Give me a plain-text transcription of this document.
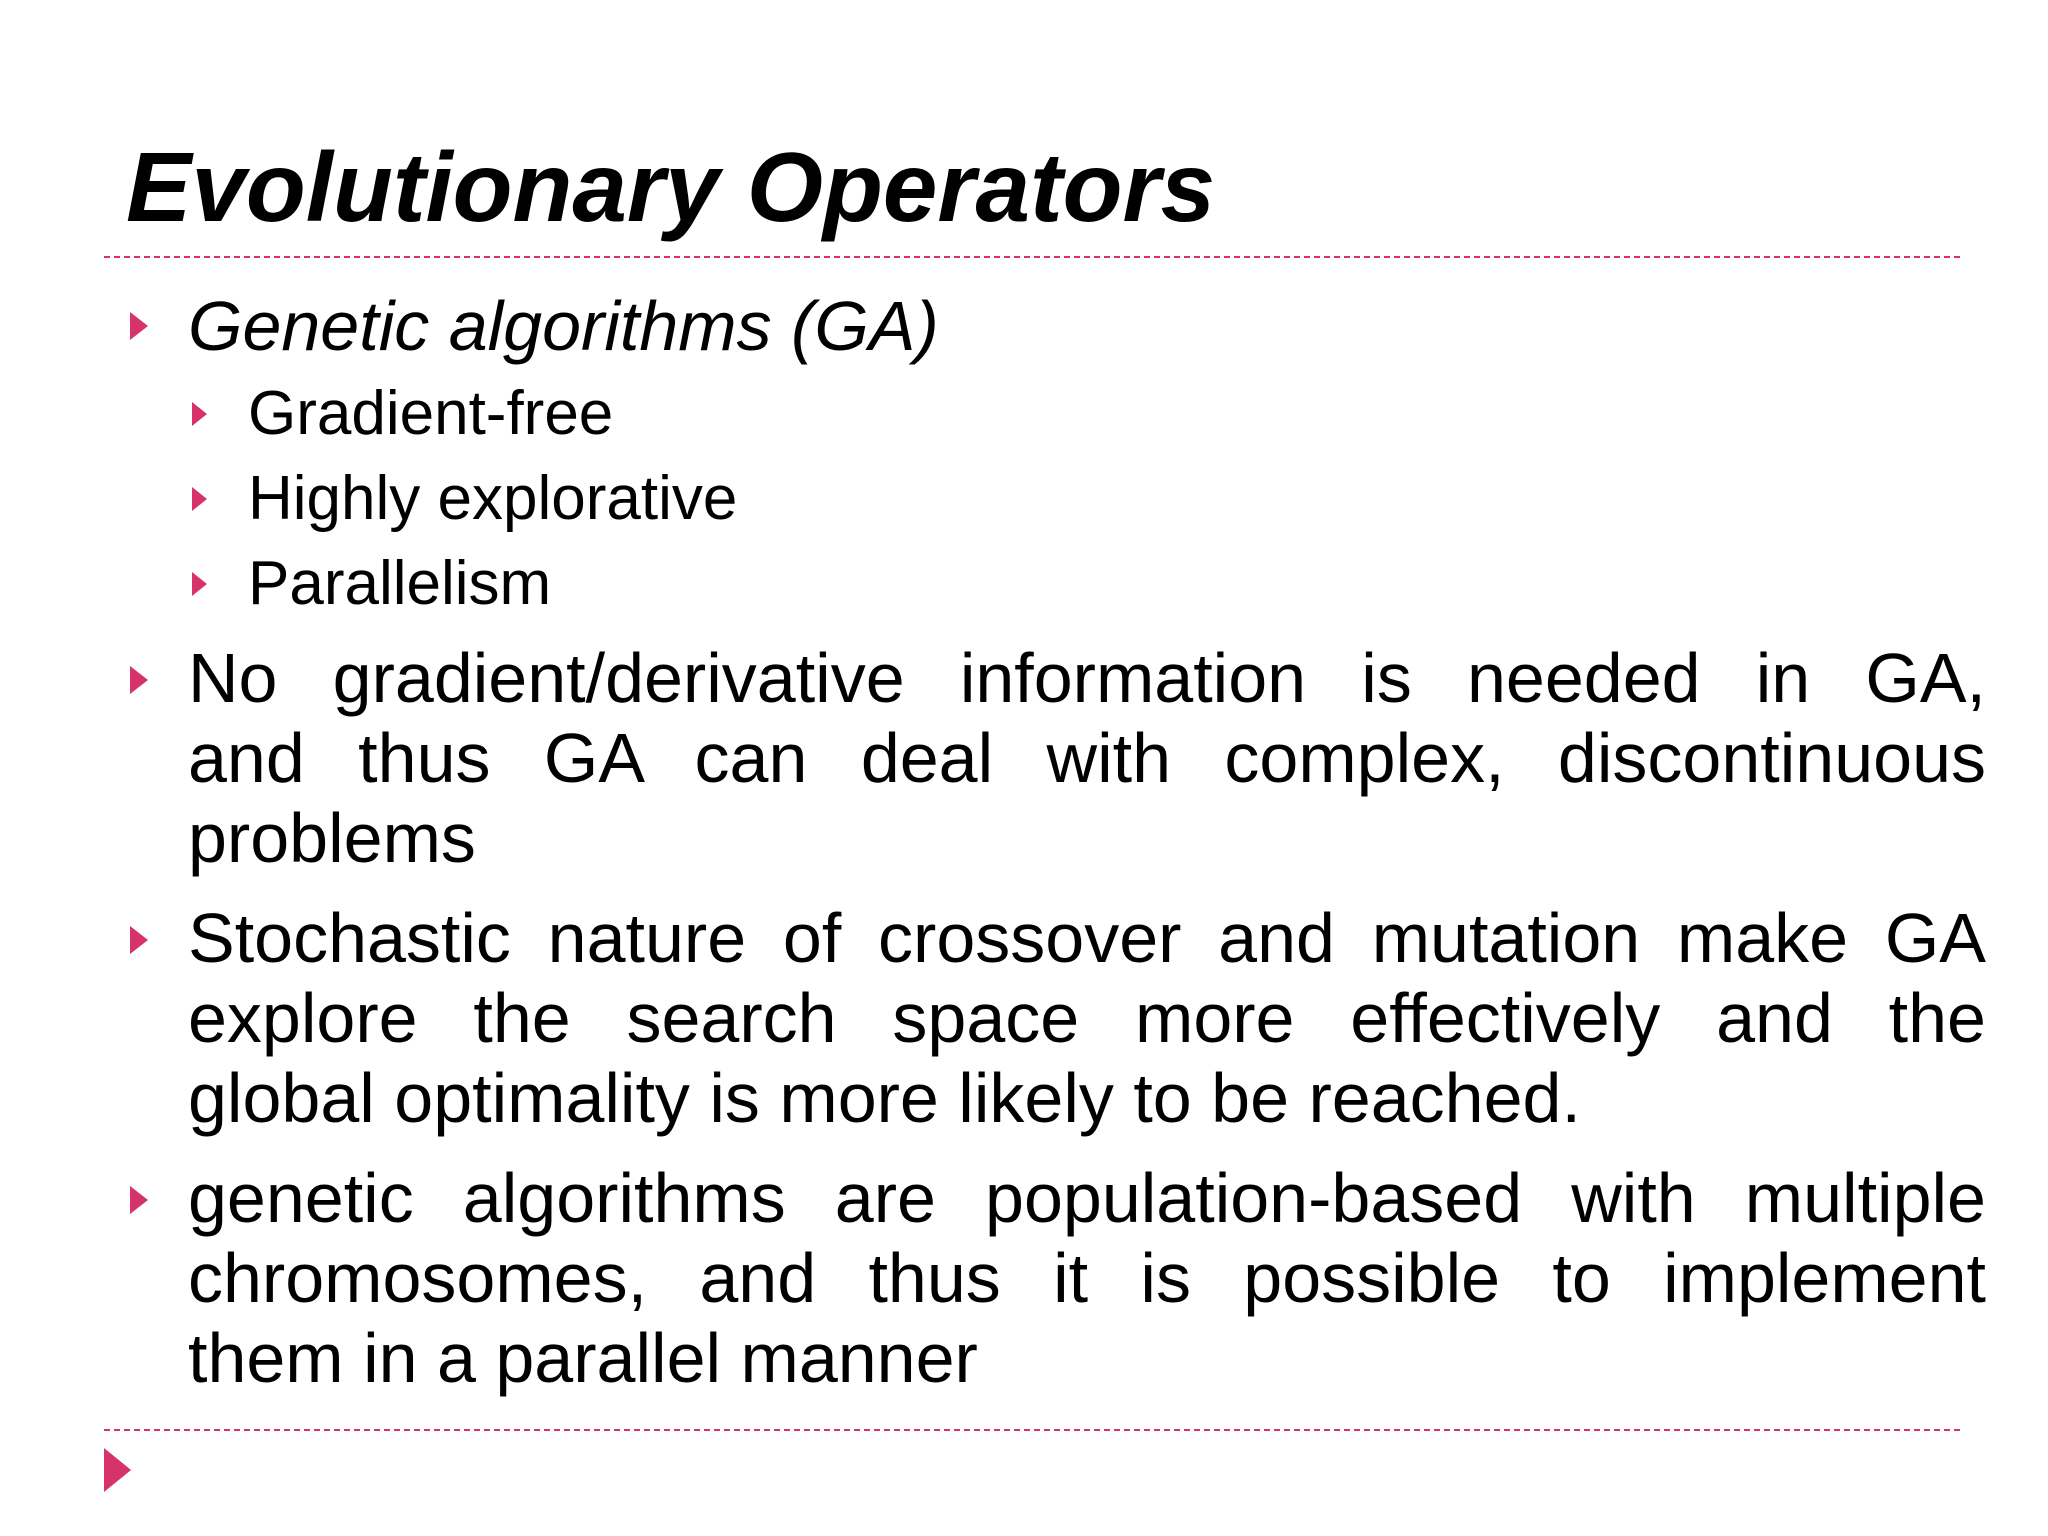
Evolutionary Operators

Genetic algorithms (GA)

Gradient-free

Highly explorative

Parallelism

No gradient/derivative information is needed in GA,
and thus GA can deal with complex, discontinuous
problems
Stochastic nature of crossover and mutation make GA
explore the search space more effectively and the
global optimality is more likely to be reached.
genetic algorithms are population-based with multiple
chromosomes, and thus it is possible to implement
them in a parallel manner
